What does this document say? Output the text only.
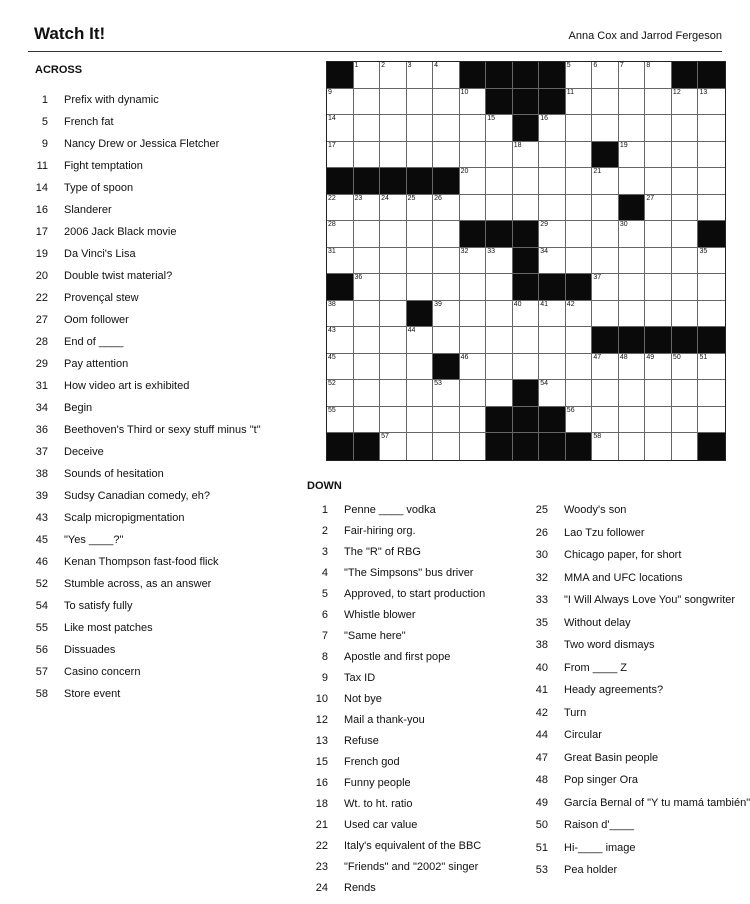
Watch It!	Anna Cox and Jarrod Fergeson
ACROSS
1 Prefix with dynamic
5 French fat
9 Nancy Drew or Jessica Fletcher
11 Fight temptation
14 Type of spoon
16 Slanderer
17 2006 Jack Black movie
19 Da Vinci's Lisa
20 Double twist material?
22 Provençal stew
27 Oom follower
28 End of ____
29 Pay attention
31 How video art is exhibited
34 Begin
36 Beethoven's Third or sexy stuff minus "t"
37 Deceive
38 Sounds of hesitation
39 Sudsy Canadian comedy, eh?
43 Scalp micropigmentation
45 "Yes ____?"
46 Kenan Thompson fast-food flick
52 Stumble across, as an answer
54 To satisfy fully
55 Like most patches
56 Dissuades
57 Casino concern
58 Store event
1	2	3	4	5	6	7	8
9	10	11	12	13
14	15	16
17	18	19
20	21
22	23	24	25	26	27
28	29	30
31	32	33	34	35
36	37
38	39	40	41	42
43	44
45	46	47	48	49	50	51
52	53	54
55	56
57	58
DOWN
1 Penne ____ vodka
2 Fair-hiring org.
3 The "R" of RBG
4 "The Simpsons" bus driver
5 Approved, to start production
6 Whistle blower
7 "Same here"
8 Apostle and first pope
9 Tax ID
10 Not bye
12 Mail a thank-you
13 Refuse
15 French god
16 Funny people
18 Wt. to ht. ratio
21 Used car value
22 Italy's equivalent of the BBC
23 "Friends" and "2002" singer
24 Rends
25 Woody's son
26 Lao Tzu follower
30 Chicago paper, for short
32 MMA and UFC locations
33 "I Will Always Love You" songwriter
35 Without delay
38 Two word dismays
40 From ____ Z
41 Heady agreements?
42 Turn
44 Circular
47 Great Basin people
48 Pop singer Ora
49 García Bernal of "Y tu mamá también"
50 Raison d'____
51 Hi-____ image
53 Pea holder
